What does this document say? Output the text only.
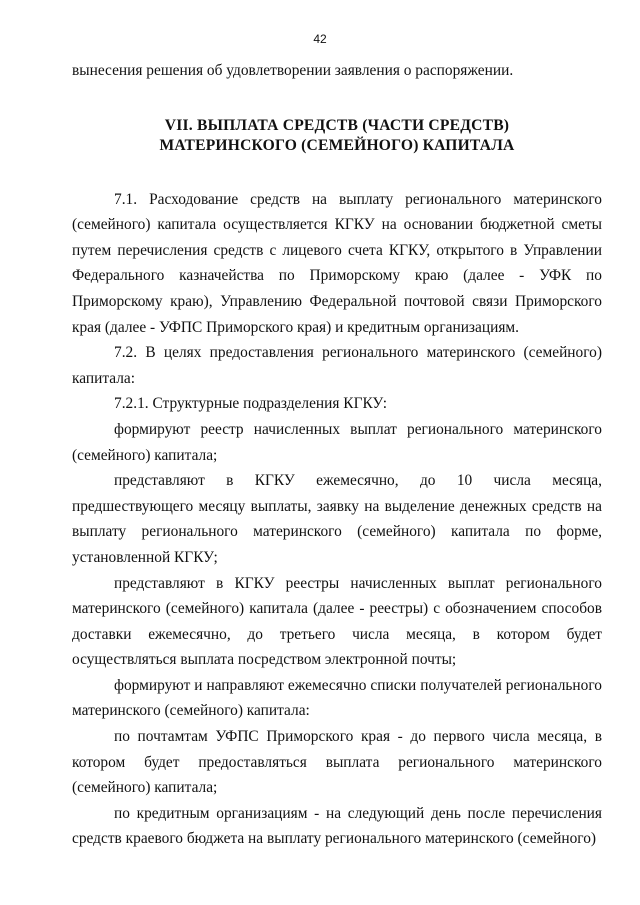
42

вынесения решения об удовлетворении заявления о распоряжении.

VII. ВЫПЛАТА СРЕДСТВ (ЧАСТИ СРЕДСТВ)
МАТЕРИНСКОГО (СЕМЕЙНОГО) КАПИТАЛА

7.1. Расходование средств на выплату регионального материнского (семейного) капитала осуществляется КГКУ на основании бюджетной сметы путем перечисления средств с лицевого счета КГКУ, открытого в Управлении Федерального казначейства по Приморскому краю (далее - УФК по Приморскому краю), Управлению Федеральной почтовой связи Приморского края (далее - УФПС Приморского края) и кредитным организациям.

7.2. В целях предоставления регионального материнского (семейного) капитала:

7.2.1. Структурные подразделения КГКУ:

формируют реестр начисленных выплат регионального материнского (семейного) капитала;

представляют в КГКУ ежемесячно, до 10 числа месяца, предшествующего месяцу выплаты, заявку на выделение денежных средств на выплату регионального материнского (семейного) капитала по форме, установленной КГКУ;

представляют в КГКУ реестры начисленных выплат регионального материнского (семейного) капитала (далее - реестры) с обозначением способов доставки ежемесячно, до третьего числа месяца, в котором будет осуществляться выплата посредством электронной почты;

формируют и направляют ежемесячно списки получателей регионального материнского (семейного) капитала:

по почтамтам УФПС Приморского края - до первого числа месяца, в котором будет предоставляться выплата регионального материнского (семейного) капитала;

по кредитным организациям - на следующий день после перечисления средств краевого бюджета на выплату регионального материнского (семейного)
